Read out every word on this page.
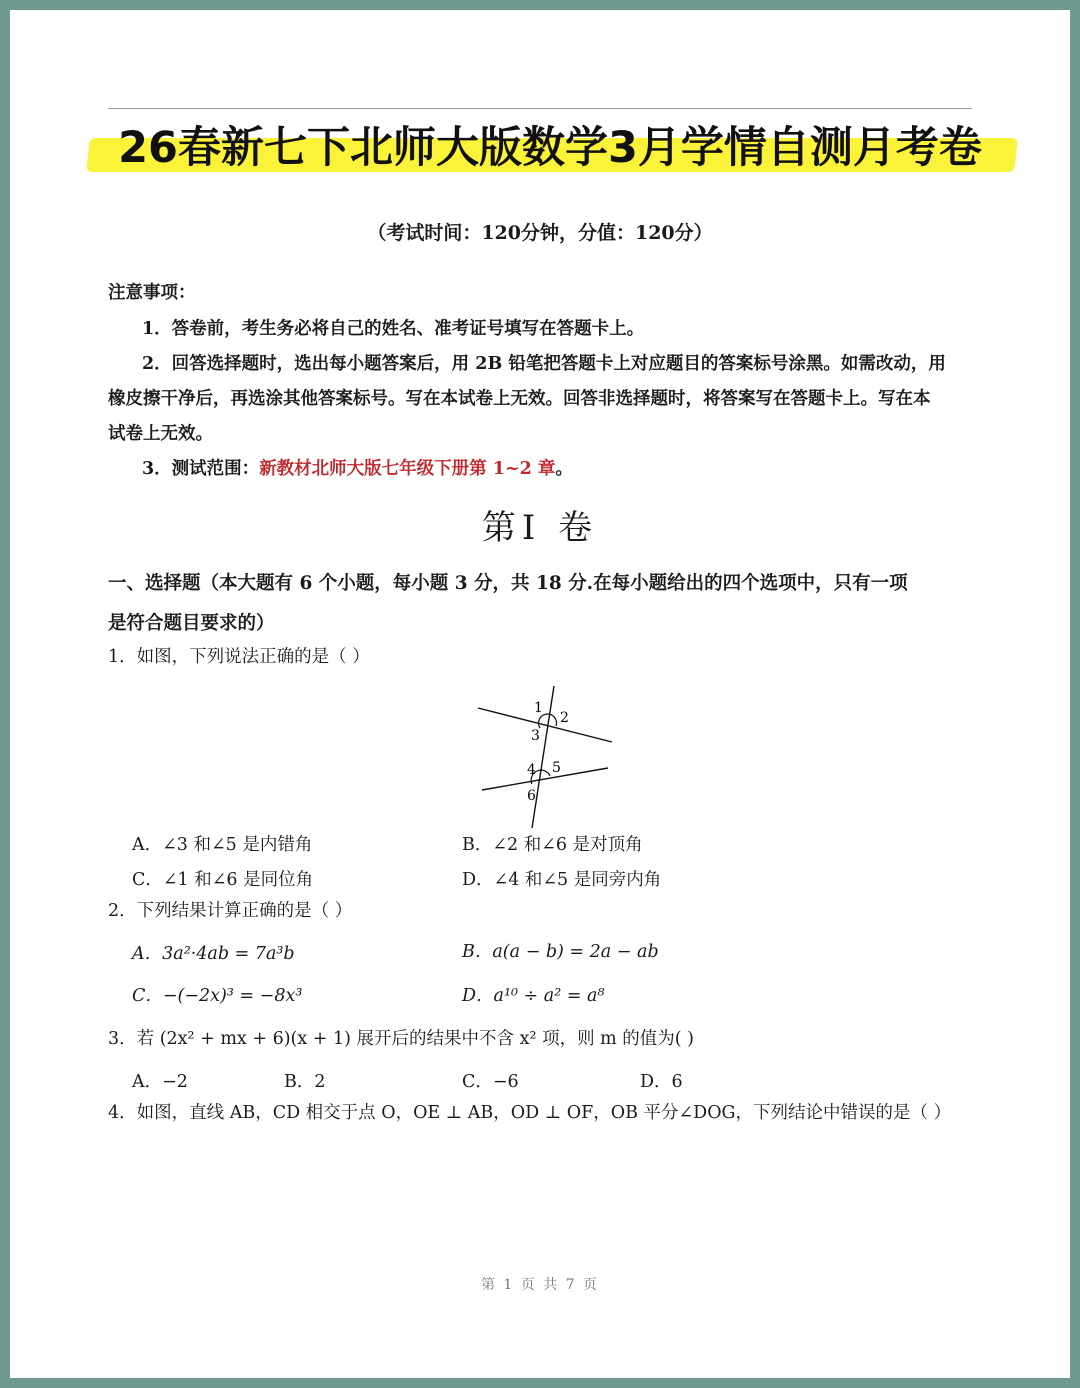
26春新七下北师大版数学3月学情自测月考卷
（考试时间：120分钟，分值：120分）
注意事项：
1．答卷前，考生务必将自己的姓名、准考证号填写在答题卡上。
2．回答选择题时，选出每小题答案后，用 2B 铅笔把答题卡上对应题目的答案标号涂黑。如需改动，用
橡皮擦干净后，再选涂其他答案标号。写在本试卷上无效。回答非选择题时，将答案写在答题卡上。写在本
试卷上无效。
3．测试范围：新教材北师大版七年级下册第 1~2 章。
第Ⅰ 卷
一、选择题（本大题有 6 个小题，每小题 3 分，共 18 分.在每小题给出的四个选项中，只有一项
是符合题目要求的）
1．如图，下列说法正确的是（ ）
1
2
3
4 5
6
A．∠3 和∠5 是内错角	B．∠2 和∠6 是对顶角
C．∠1 和∠6 是同位角	D．∠4 和∠5 是同旁内角
2．下列结果计算正确的是（ ）
A．3a²·4ab = 7a³b	B．a(a − b) = 2a − ab
C．−(−2x)³ = −8x³	D．a¹⁰ ÷ a² = a⁸
3．若 (2x² + mx + 6)(x + 1) 展开后的结果中不含 x² 项，则 m 的值为( )
A．−2	B．2	C．−6	D．6
4．如图，直线 AB，CD 相交于点 O，OE ⊥ AB，OD ⊥ OF，OB 平分∠DOG，下列结论中错误的是（ ）
第 1 页 共 7 页
